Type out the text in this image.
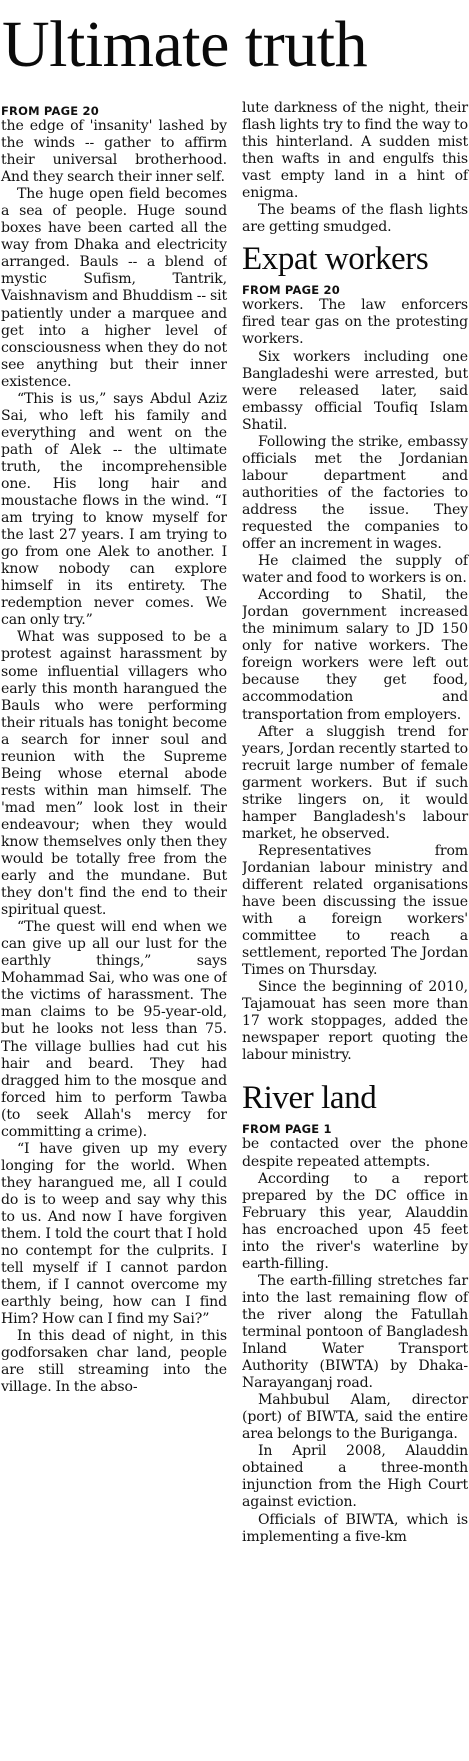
Ultimate truth
FROM PAGE 20

the edge of 'insanity' lashed by the winds -- gather to affirm their universal brotherhood. And they search their inner self.

The huge open field becomes a sea of people. Huge sound boxes have been carted all the way from Dhaka and electricity arranged. Bauls -- a blend of mystic Sufism, Tantrik, Vaishnavism and Bhuddism -- sit patiently under a marquee and get into a higher level of consciousness when they do not see anything but their inner existence.

“This is us,” says Abdul Aziz Sai, who left his family and everything and went on the path of Alek -- the ultimate truth, the incomprehensible one. His long hair and moustache flows in the wind. “I am trying to know myself for the last 27 years. I am trying to go from one Alek to another. I know nobody can explore himself in its entirety. The redemption never comes. We can only try.”

What was supposed to be a protest against harassment by some influential villagers who early this month harangued the Bauls who were performing their rituals has tonight become a search for inner soul and reunion with the Supreme Being whose eternal abode rests within man himself. The 'mad men” look lost in their endeavour; when they would know themselves only then they would be totally free from the early and the mundane. But they don't find the end to their spiritual quest.

“The quest will end when we can give up all our lust for the earthly things,” says Mohammad Sai, who was one of the victims of harassment. The man claims to be 95-year-old, but he looks not less than 75. The village bullies had cut his hair and beard. They had dragged him to the mosque and forced him to perform Tawba (to seek Allah's mercy for committing a crime).

“I have given up my every longing for the world. When they harangued me, all I could do is to weep and say why this to us. And now I have forgiven them. I told the court that I hold no contempt for the culprits. I tell myself if I cannot pardon them, if I cannot overcome my earthly being, how can I find Him? How can I find my Sai?”

In this dead of night, in this godforsaken char land, people are still streaming into the village. In the abso-

lute darkness of the night, their flash lights try to find the way to this hinterland. A sudden mist then wafts in and engulfs this vast empty land in a hint of enigma.

The beams of the flash lights are getting smudged.

Expat workers
FROM PAGE 20

workers. The law enforcers fired tear gas on the protesting workers.

Six workers including one Bangladeshi were arrested, but were released later, said embassy official Toufiq Islam Shatil.

Following the strike, embassy officials met the Jordanian labour department and authorities of the factories to address the issue. They requested the companies to offer an increment in wages.

He claimed the supply of water and food to workers is on.

According to Shatil, the Jordan government increased the minimum salary to JD 150 only for native workers. The foreign workers were left out because they get food, accommodation and transportation from employers.

After a sluggish trend for years, Jordan recently started to recruit large number of female garment workers. But if such strike lingers on, it would hamper Bangladesh's labour market, he observed.

Representatives from Jordanian labour ministry and different related organisations have been discussing the issue with a foreign workers' committee to reach a settlement, reported The Jordan Times on Thursday.

Since the beginning of 2010, Tajamouat has seen more than 17 work stoppages, added the newspaper report quoting the labour ministry.

River land
FROM PAGE 1

be contacted over the phone despite repeated attempts.

According to a report prepared by the DC office in February this year, Alauddin has encroached upon 45 feet into the river's waterline by earth-filling.

The earth-filling stretches far into the last remaining flow of the river along the Fatullah terminal pontoon of Bangladesh Inland Water Transport Authority (BIWTA) by Dhaka-Narayanganj road.

Mahbubul Alam, director (port) of BIWTA, said the entire area belongs to the Buriganga.

In April 2008, Alauddin obtained a three-month injunction from the High Court against eviction.

Officials of BIWTA, which is implementing a five-km
